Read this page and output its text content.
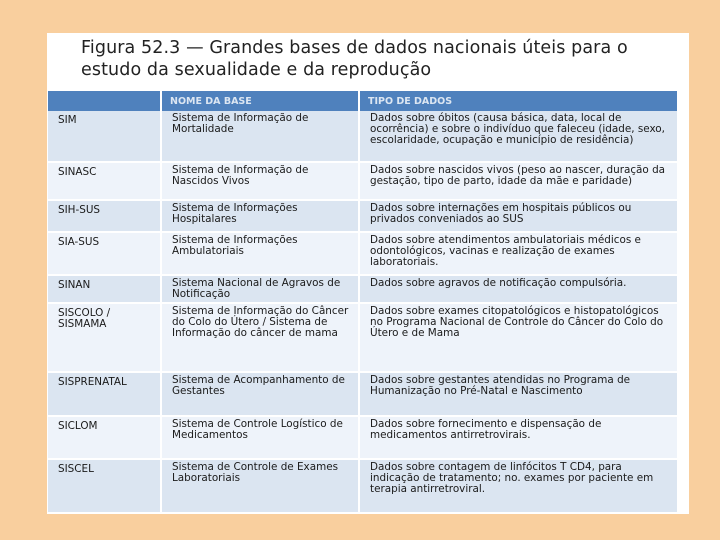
Figura 52.3 — Grandes bases de dados nacionais úteis para o estudo da sexualidade e da reprodução
	NOME DA BASE	TIPO DE DADOS
SIM	Sistema de Informação de Mortalidade	Dados sobre óbitos (causa básica, data, local de ocorrência) e sobre o indivíduo que faleceu (idade, sexo, escolaridade, ocupação e município de residência)
SINASC	Sistema de Informação de Nascidos Vivos	Dados sobre nascidos vivos (peso ao nascer, duração da gestação, tipo de parto, idade da mãe e paridade)
SIH-SUS	Sistema de Informações Hospitalares	Dados sobre internações em hospitais públicos ou privados conveniados ao SUS
SIA-SUS	Sistema de Informações Ambulatoriais	Dados sobre atendimentos ambulatoriais médicos e odontológicos, vacinas e realização de exames laboratoriais.
SINAN	Sistema Nacional de Agravos de Notificação	Dados sobre agravos de notificação compulsória.
SISCOLO / SISMAMA	Sistema de Informação do Câncer do Colo do Útero / Sistema de Informação do câncer de mama	Dados sobre exames citopatológicos e histopatológicos no Programa Nacional de Controle do Câncer do Colo do Útero e de Mama
SISPRENATAL	Sistema de Acompanhamento de Gestantes	Dados sobre gestantes atendidas no Programa de Humanização no Pré-Natal e Nascimento
SICLOM	Sistema de Controle Logístico de Medicamentos	Dados sobre fornecimento e dispensação de medicamentos antirretrovirais.
SISCEL	Sistema de Controle de Exames Laboratoriais	Dados sobre contagem de linfócitos T CD4, para indicação de tratamento; no. exames por paciente em terapia antirretroviral.
